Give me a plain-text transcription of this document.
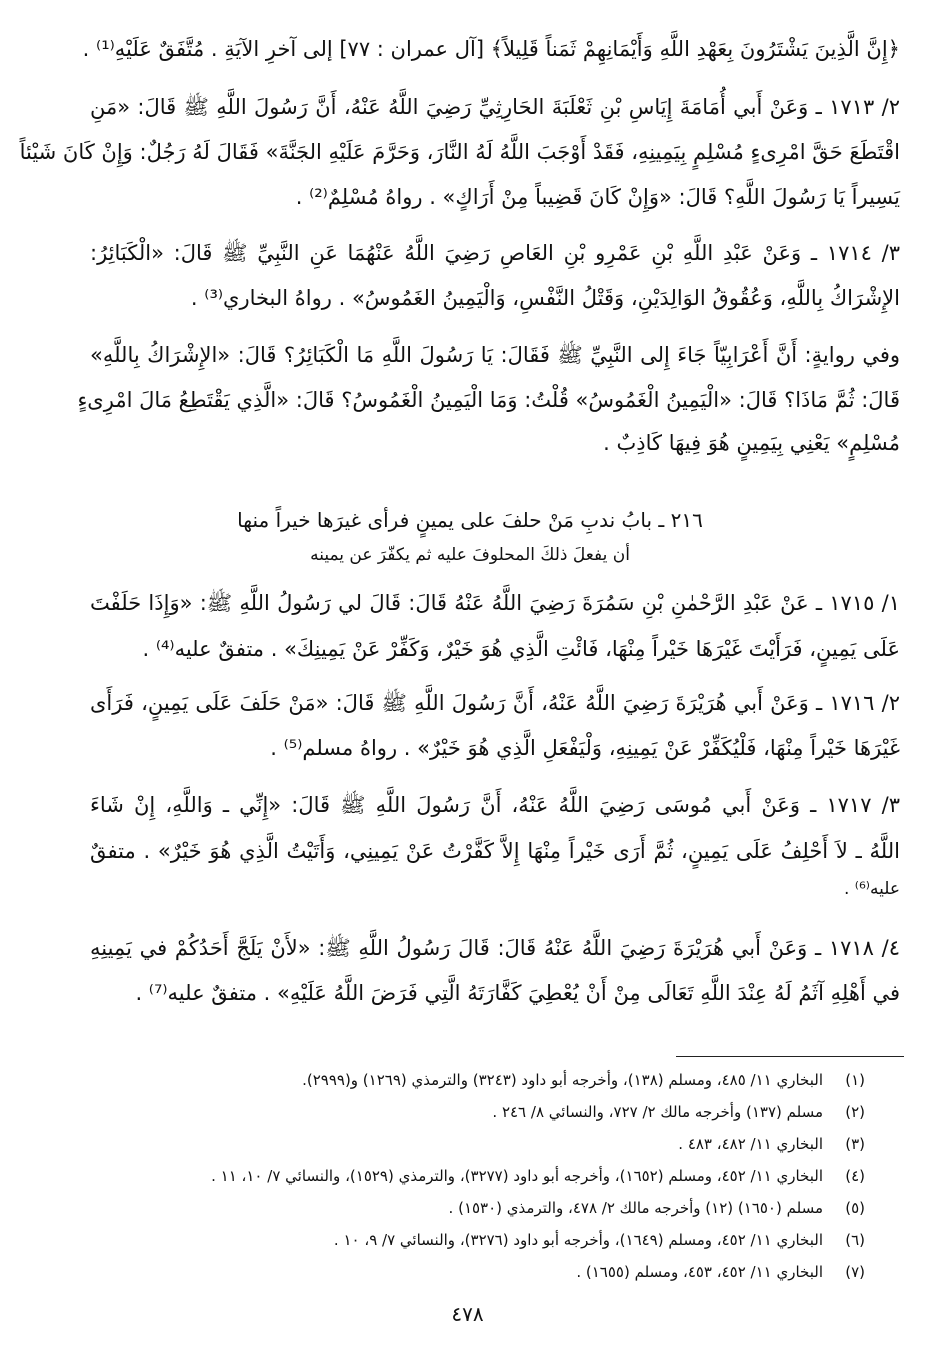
﴿إِنَّ الَّذِينَ يَشْتَرُونَ بِعَهْدِ اللَّهِ وَأَيْمَانِهِمْ ثَمَناً قَلِيلاً﴾ [آل عمران : ٧٧] إلى آخرِ الآيَةِ . مُتَّفَقٌ عَلَيْهِ⁽¹⁾ .
٢/ ١٧١٣ ـ وَعَنْ أَبي أُمَامَةَ إِيَاسِ بْنِ ثَعْلَبَةَ الحَارِثِيِّ رَضِيَ اللَّهُ عَنْهُ، أَنَّ رَسُولَ اللَّهِ ﷺ قَالَ: «مَنِ
اقْتَطَعَ حَقَّ امْرِىءٍ مُسْلِمٍ بِيَمِينِهِ، فَقَدْ أَوْجَبَ اللَّهُ لَهُ النَّارَ، وَحَرَّمَ عَلَيْهِ الجَنَّةَ» فَقَالَ لَهُ رَجُلٌ: وَإِنْ كَانَ شَيْئاً
يَسِيراً يَا رَسُولَ اللَّهِ؟ قَالَ: «وَإِنْ كَانَ قَضِيباً مِنْ أَرَاكٍ» . رواهُ مُسْلِمٌ⁽²⁾ .
٣/ ١٧١٤ ـ وَعَنْ عَبْدِ اللَّهِ بْنِ عَمْرِو بْنِ العَاصِ رَضِيَ اللَّهُ عَنْهُمَا عَنِ النَّبِيِّ ﷺ قَالَ: «الْكَبَائِرُ:
الإِشْرَاكُ بِاللَّهِ، وَعُقُوقُ الوَالِدَيْنِ، وَقَتْلُ النَّفْسِ، وَالْيَمِينُ الغَمُوسُ» . رواهُ البخاري⁽³⁾ .
وفي روايةٍ: أَنَّ أَعْرَابِيّاً جَاءَ إِلى النَّبِيِّ ﷺ فَقَالَ: يَا رَسُولَ اللَّهِ مَا الْكَبَائِرُ؟ قَالَ: «الإِشْرَاكُ بِاللَّهِ»
قَالَ: ثُمَّ مَاذَا؟ قَالَ: «الْيَمِينُ الْغَمُوسُ» قُلْتُ: وَمَا الْيَمِينُ الْغَمُوسُ؟ قَالَ: «الَّذِي يَقْتَطِعُ مَالَ امْرِىءٍ
مُسْلِمٍ» يَعْنِي بِيَمِينٍ هُوَ فِيهَا كَاذِبٌ .
٢١٦ ـ بابُ ندبِ مَنْ حلفَ على يمينٍ فرأى غيرَها خيراً منها
أن يفعلَ ذلكَ المحلوفَ عليه ثم يكفّرَ عن يمينه
١/ ١٧١٥ ـ عَنْ عَبْدِ الرَّحْمٰنِ بْنِ سَمُرَةَ رَضِيَ اللَّهُ عَنْهُ قَالَ: قَالَ لي رَسُولُ اللَّهِ ﷺ: «وَإِذَا حَلَفْتَ
عَلَى يَمِينٍ، فَرَأَيْتَ غَيْرَهَا خَيْراً مِنْهَا، فَائْتِ الَّذِي هُوَ خَيْرٌ، وَكَفِّرْ عَنْ يَمِينِكَ» . متفقٌ عليه⁽⁴⁾ .
٢/ ١٧١٦ ـ وَعَنْ أَبي هُرَيْرَةَ رَضِيَ اللَّهُ عَنْهُ، أَنَّ رَسُولَ اللَّهِ ﷺ قَالَ: «مَنْ حَلَفَ عَلَى يَمِينٍ، فَرَأَى
غَيْرَهَا خَيْراً مِنْهَا، فَلْيُكَفِّرْ عَنْ يَمِينِهِ، وَلْيَفْعَلِ الَّذِي هُوَ خَيْرٌ» . رواهُ مسلم⁽⁵⁾ .
٣/ ١٧١٧ ـ وَعَنْ أَبي مُوسَى رَضِيَ اللَّهُ عَنْهُ، أَنَّ رَسُولَ اللَّهِ ﷺ قَالَ: «إِنِّي ـ وَاللَّهِ، إِنْ شَاءَ
اللَّهُ ـ لاَ أَحْلِفُ عَلَى يَمِينٍ، ثُمَّ أَرَى خَيْراً مِنْهَا إِلاَّ كَفَّرْتُ عَنْ يَمِينِي، وَأَتَيْتُ الَّذِي هُوَ خَيْرٌ» . متفقٌ
عليه⁽⁶⁾ .
٤/ ١٧١٨ ـ وَعَنْ أَبي هُرَيْرَةَ رَضِيَ اللَّهُ عَنْهُ قَالَ: قَالَ رَسُولُ اللَّهِ ﷺ: «لأَنْ يَلَجَّ أَحَدُكُمْ في يَمِينِهِ
في أَهْلِهِ آثَمُ لَهُ عِنْدَ اللَّهِ تَعَالَى مِنْ أَنْ يُعْطِيَ كَفَّارَتَهُ الَّتِي فَرَضَ اللَّهُ عَلَيْهِ» . متفقٌ عليه⁽⁷⁾ .
(١)البخاري ١١/ ٤٨٥، ومسلم (١٣٨)، وأخرجه أبو داود (٣٢٤٣) والترمذي (١٢٦٩) و(٢٩٩٩).
(٢)مسلم (١٣٧) وأخرجه مالك ٢/ ٧٢٧، والنسائي ٨/ ٢٤٦ .
(٣)البخاري ١١/ ٤٨٢، ٤٨٣ .
(٤)البخاري ١١/ ٤٥٢، ومسلم (١٦٥٢)، وأخرجه أبو داود (٣٢٧٧)، والترمذي (١٥٢٩)، والنسائي ٧/ ١٠، ١١ .
(٥)مسلم (١٦٥٠) (١٢) وأخرجه مالك ٢/ ٤٧٨، والترمذي (١٥٣٠) .
(٦)البخاري ١١/ ٤٥٢، ومسلم (١٦٤٩)، وأخرجه أبو داود (٣٢٧٦)، والنسائي ٧/ ٩، ١٠ .
(٧)البخاري ١١/ ٤٥٢، ٤٥٣، ومسلم (١٦٥٥) .
٤٧٨
